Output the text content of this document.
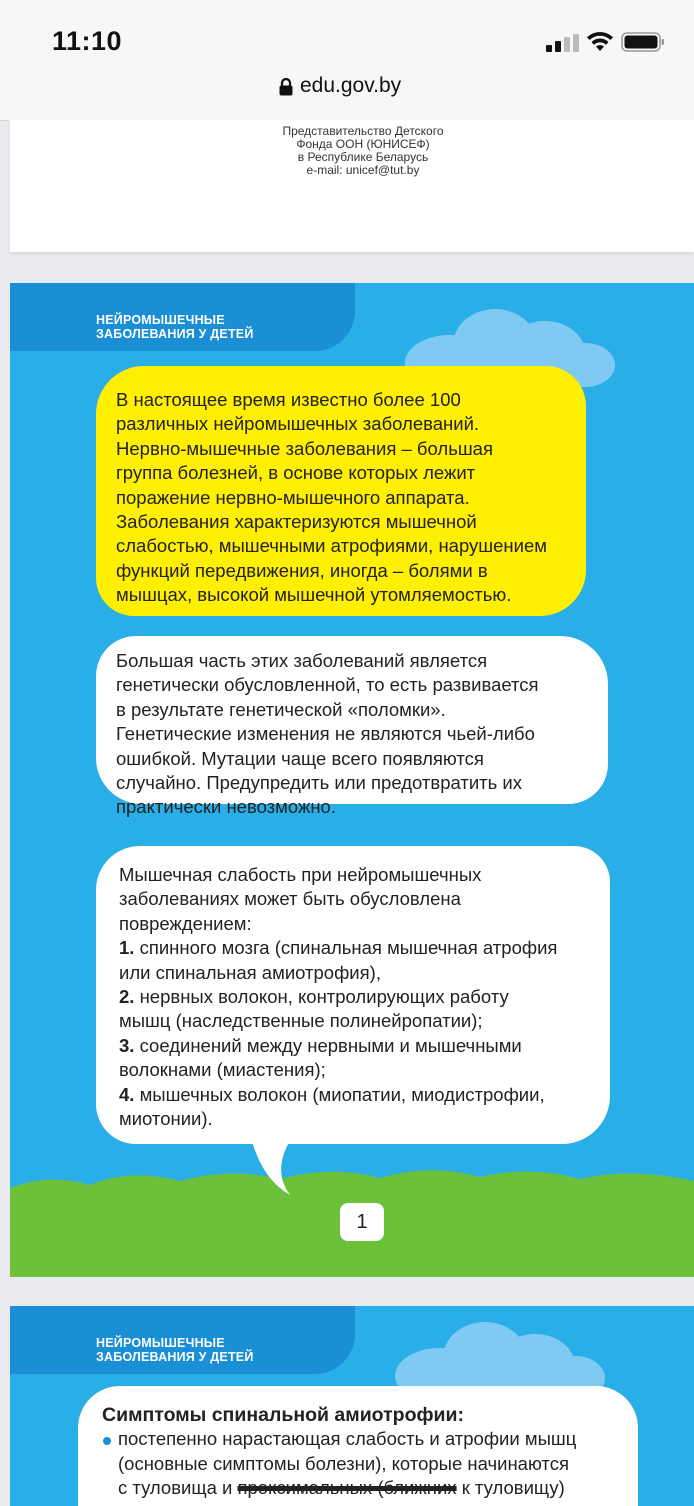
11:10
edu.gov.by
Представительство Детского
Фонда ООН (ЮНИСЕФ)
в Республике Беларусь
e-mail: unicef@tut.by
НЕЙРОМЫШЕЧНЫЕ
ЗАБОЛЕВАНИЯ У ДЕТЕЙ
В настоящее время известно более 100
различных нейромышечных заболеваний.
Нервно-мышечные заболевания – большая
группа болезней, в основе которых лежит
поражение нервно-мышечного аппарата.
Заболевания характеризуются мышечной
слабостью, мышечными атрофиями, нарушением
функций передвижения, иногда – болями в
мышцах, высокой мышечной утомляемостью.
Большая часть этих заболеваний является
генетически обусловленной, то есть развивается
в результате генетической «поломки».
Генетические изменения не являются чьей-либо
ошибкой. Мутации чаще всего появляются
случайно. Предупредить или предотвратить их
практически невозможно.
Мышечная слабость при нейромышечных
заболеваниях может быть обусловлена
повреждением:
1. спинного мозга (спинальная мышечная атрофия
или спинальная амиотрофия),
2. нервных волокон, контролирующих работу
мышц (наследственные полинейропатии);
3. соединений между нервными и мышечными
волокнами (миастения);
4. мышечных волокон (миопатии, миодистрофии,
миотонии).
1
НЕЙРОМЫШЕЧНЫЕ
ЗАБОЛЕВАНИЯ У ДЕТЕЙ
Симптомы спинальной амиотрофии:
постепенно нарастающая слабость и атрофии мышц
(основные симптомы болезни), которые начинаются
с туловища и проксимальных (ближних к туловищу)
